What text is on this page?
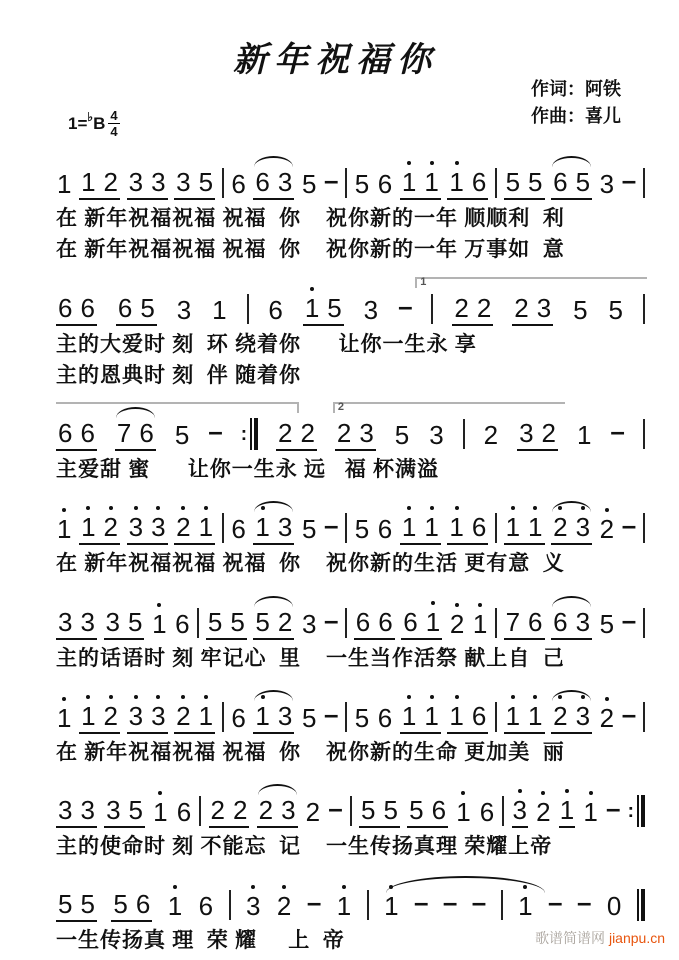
新年祝福你
作词：阿铁
作曲：喜儿
1= ♭ B $\frac{4}{4}$
1 1 2 3 3 3 5 6 6 3 5 – 5 6 1 1 1 6 5 5 6 5 3 –
在 新年祝福祝福 祝福  你    祝你新的一年 顺顺利  利
在 新年祝福祝福 祝福  你    祝你新的一年 万事如  意
1
6 6 6 5 3 1 6 1 5 3 – 2 2 2 3 5 5
主的大爱时 刻  环 绕着你      让你一生永 享
主的恩典时 刻  伴 随着你
2
6 6 7 6 5 – : 2 2 2 3 5 3 2 3 2 1 –
主爱甜 蜜      让你一生永 远   福 杯满溢
1 1 2 3 3 2 1 6 1 3 5 – 5 6 1 1 1 6 1 1 2 3 2 –
在 新年祝福祝福 祝福  你    祝你新的生活 更有意  义
3 3 3 5 1 6 5 5 5 2 3 – 6 6 6 1 2 1 7 6 6 3 5 –
主的话语时 刻 牢记心  里    一生当作活祭 献上自  己
1 1 2 3 3 2 1 6 1 3 5 – 5 6 1 1 1 6 1 1 2 3 2 –
在 新年祝福祝福 祝福  你    祝你新的生命 更加美  丽
3 3 3 5 1 6 2 2 2 3 2 – 5 5 5 6 1 6 3 2 1 1 – :
主的使命时 刻 不能忘  记    一生传扬真理 荣耀上帝
5 5 5 6 1 6 3 2 – 1 1 – – – 1 – – 0
一生传扬真 理  荣 耀     上  帝	歌谱简谱网 jianpu.cn
